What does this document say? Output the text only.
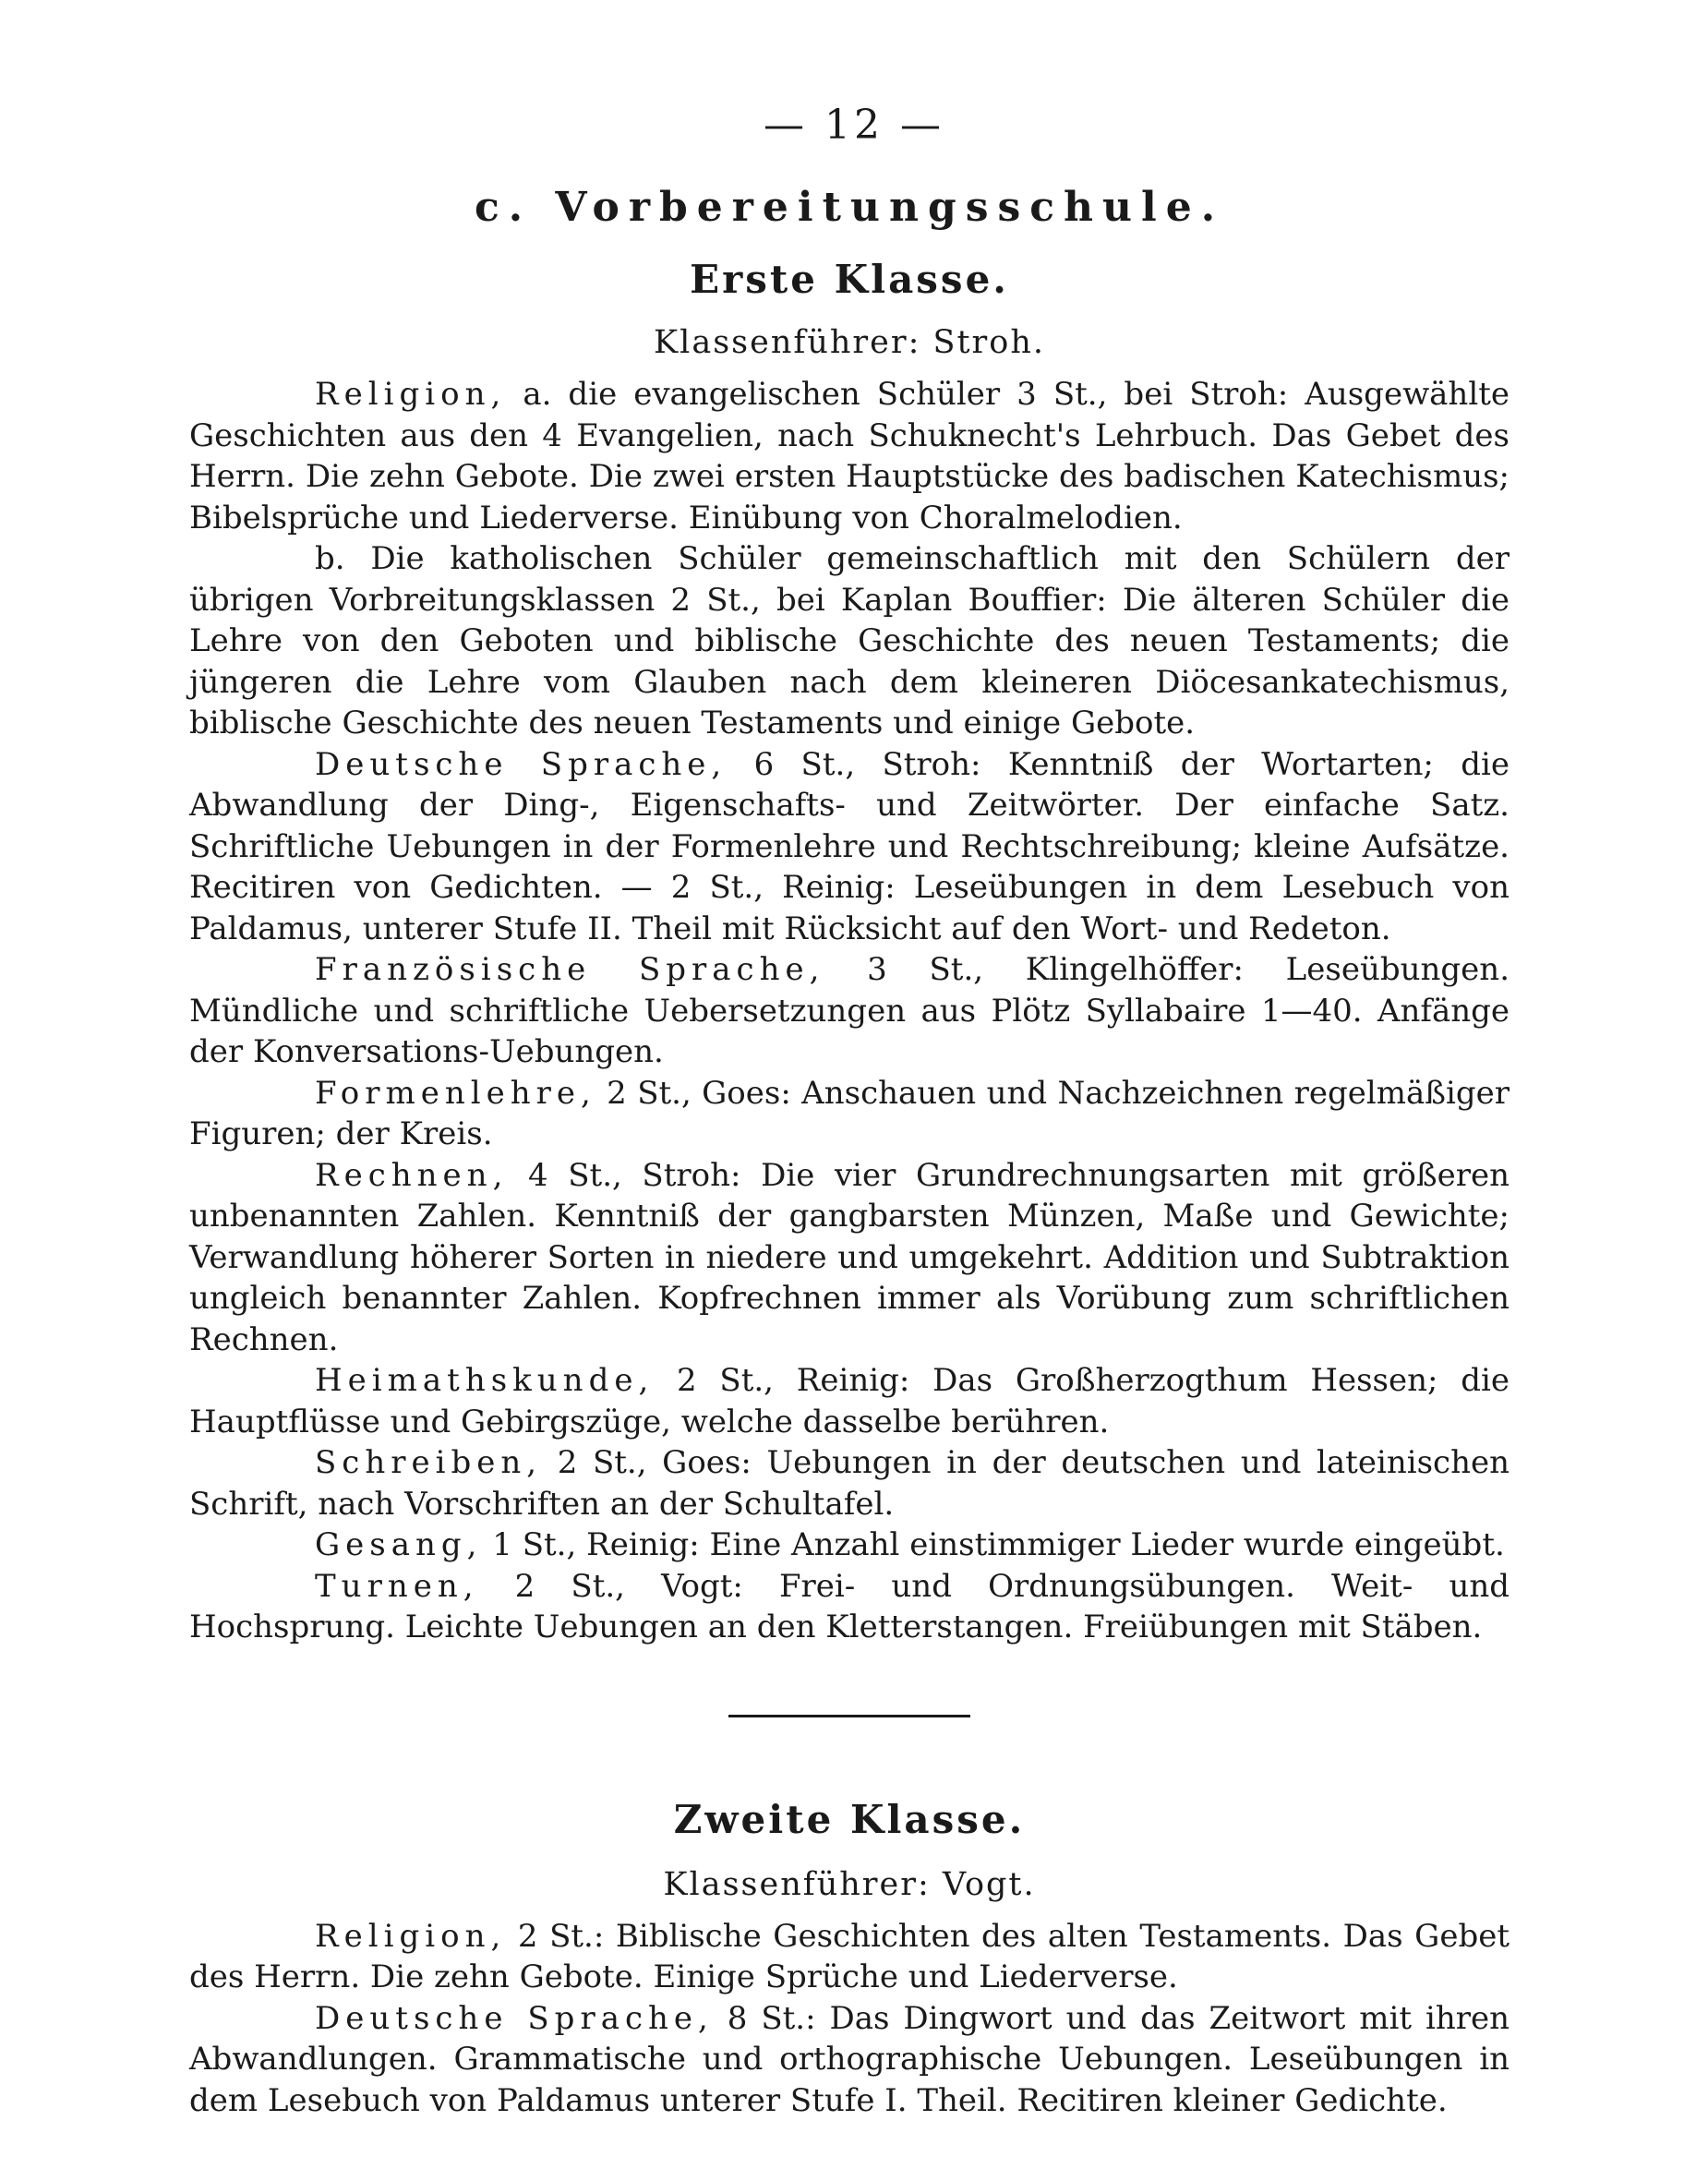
— 12 —
c. Vorbereitungsschule.
Erste Klasse.
Klassenführer: Stroh.

Religion, a. die evangelischen Schüler 3 St., bei Stroh: Ausgewählte Geschichten aus den 4 Evangelien, nach Schuknecht's Lehrbuch. Das Gebet des Herrn. Die zehn Gebote. Die zwei ersten Hauptstücke des badischen Katechismus; Bibelsprüche und Liederverse. Einübung von Choralmelodien.

b. Die katholischen Schüler gemeinschaftlich mit den Schülern der übrigen Vorbreitungsklassen 2 St., bei Kaplan Bouffier: Die älteren Schüler die Lehre von den Geboten und biblische Geschichte des neuen Testaments; die jüngeren die Lehre vom Glauben nach dem kleineren Diöcesankatechismus, biblische Geschichte des neuen Testaments und einige Gebote.

Deutsche Sprache, 6 St., Stroh: Kenntniß der Wortarten; die Abwandlung der Ding-, Eigenschafts- und Zeitwörter. Der einfache Satz. Schriftliche Uebungen in der Formenlehre und Rechtschreibung; kleine Aufsätze. Recitiren von Gedichten. — 2 St., Reinig: Leseübungen in dem Lesebuch von Paldamus, unterer Stufe II. Theil mit Rücksicht auf den Wort- und Redeton.

Französische Sprache, 3 St., Klingelhöffer: Leseübungen. Mündliche und schriftliche Uebersetzungen aus Plötz Syllabaire 1—40. Anfänge der Konversations-Uebungen.

Formenlehre, 2 St., Goes: Anschauen und Nachzeichnen regelmäßiger Figuren; der Kreis.

Rechnen, 4 St., Stroh: Die vier Grundrechnungsarten mit größeren unbenannten Zahlen. Kenntniß der gangbarsten Münzen, Maße und Gewichte; Verwandlung höherer Sorten in niedere und umgekehrt. Addition und Subtraktion ungleich benannter Zahlen. Kopfrechnen immer als Vorübung zum schriftlichen Rechnen.

Heimathskunde, 2 St., Reinig: Das Großherzogthum Hessen; die Hauptflüsse und Gebirgszüge, welche dasselbe berühren.

Schreiben, 2 St., Goes: Uebungen in der deutschen und lateinischen Schrift, nach Vorschriften an der Schultafel.

Gesang, 1 St., Reinig: Eine Anzahl einstimmiger Lieder wurde eingeübt.

Turnen, 2 St., Vogt: Frei- und Ordnungsübungen. Weit- und Hochsprung. Leichte Uebungen an den Kletterstangen. Freiübungen mit Stäben.

Zweite Klasse.
Klassenführer: Vogt.

Religion, 2 St.: Biblische Geschichten des alten Testaments. Das Gebet des Herrn. Die zehn Gebote. Einige Sprüche und Liederverse.

Deutsche Sprache, 8 St.: Das Dingwort und das Zeitwort mit ihren Abwandlungen. Grammatische und orthographische Uebungen. Leseübungen in dem Lesebuch von Paldamus unterer Stufe I. Theil. Recitiren kleiner Gedichte.
